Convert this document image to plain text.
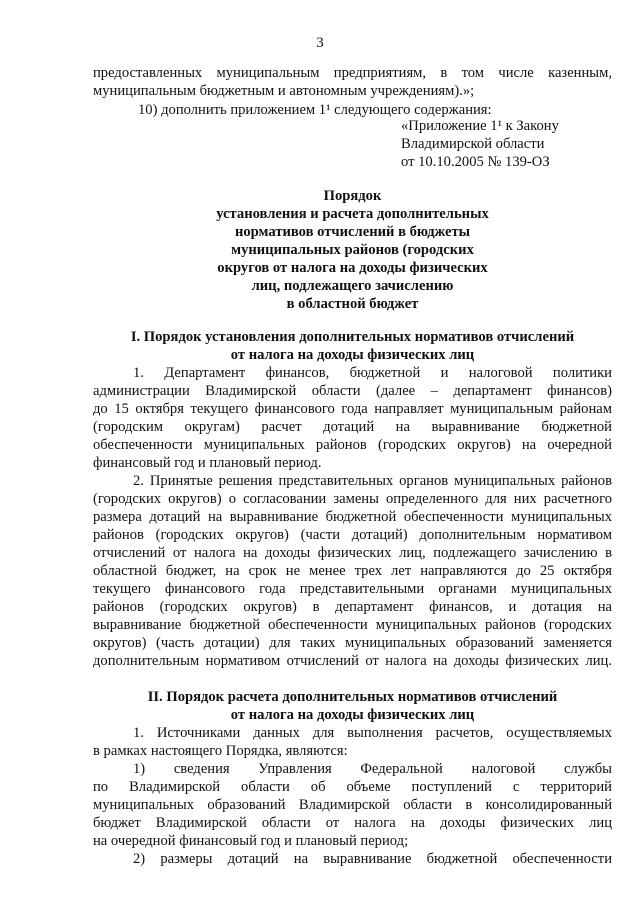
3
предоставленных муниципальным предприятиям, в том числе казенным,
муниципальным бюджетным и автономным учреждениям).»;
10) дополнить приложением 1¹ следующего содержания:
«Приложение 1¹ к Закону
Владимирской области
от 10.10.2005 № 139-ОЗ
Порядок
установления и расчета дополнительных
нормативов отчислений в бюджеты
муниципальных районов (городских
округов от налога на доходы физических
лиц, подлежащего зачислению
в областной бюджет
I. Порядок установления дополнительных нормативов отчислений
от налога на доходы физических лиц
1. Департамент финансов, бюджетной и налоговой политики
администрации Владимирской области (далее – департамент финансов)
до 15 октября текущего финансового года направляет муниципальным районам
(городским округам) расчет дотаций на выравнивание бюджетной
обеспеченности муниципальных районов (городских округов) на очередной
финансовый год и плановый период.
2. Принятые решения представительных органов муниципальных районов
(городских округов) о согласовании замены определенного для них расчетного
размера дотаций на выравнивание бюджетной обеспеченности муниципальных
районов (городских округов) (части дотаций) дополнительным нормативом
отчислений от налога на доходы физических лиц, подлежащего зачислению в
областной бюджет, на срок не менее трех лет направляются до 25 октября
текущего финансового года представительными органами муниципальных
районов (городских округов) в департамент финансов, и дотация на
выравнивание бюджетной обеспеченности муниципальных районов (городских
округов) (часть дотации) для таких муниципальных образований заменяется
дополнительным нормативом отчислений от налога на доходы физических лиц.
II. Порядок расчета дополнительных нормативов отчислений
от налога на доходы физических лиц
1. Источниками данных для выполнения расчетов, осуществляемых
в рамках настоящего Порядка, являются:
1) сведения Управления Федеральной налоговой службы
по Владимирской области об объеме поступлений с территорий
муниципальных образований Владимирской области в консолидированный
бюджет Владимирской области от налога на доходы физических лиц
на очередной финансовый год и плановый период;
2) размеры дотаций на выравнивание бюджетной обеспеченности
